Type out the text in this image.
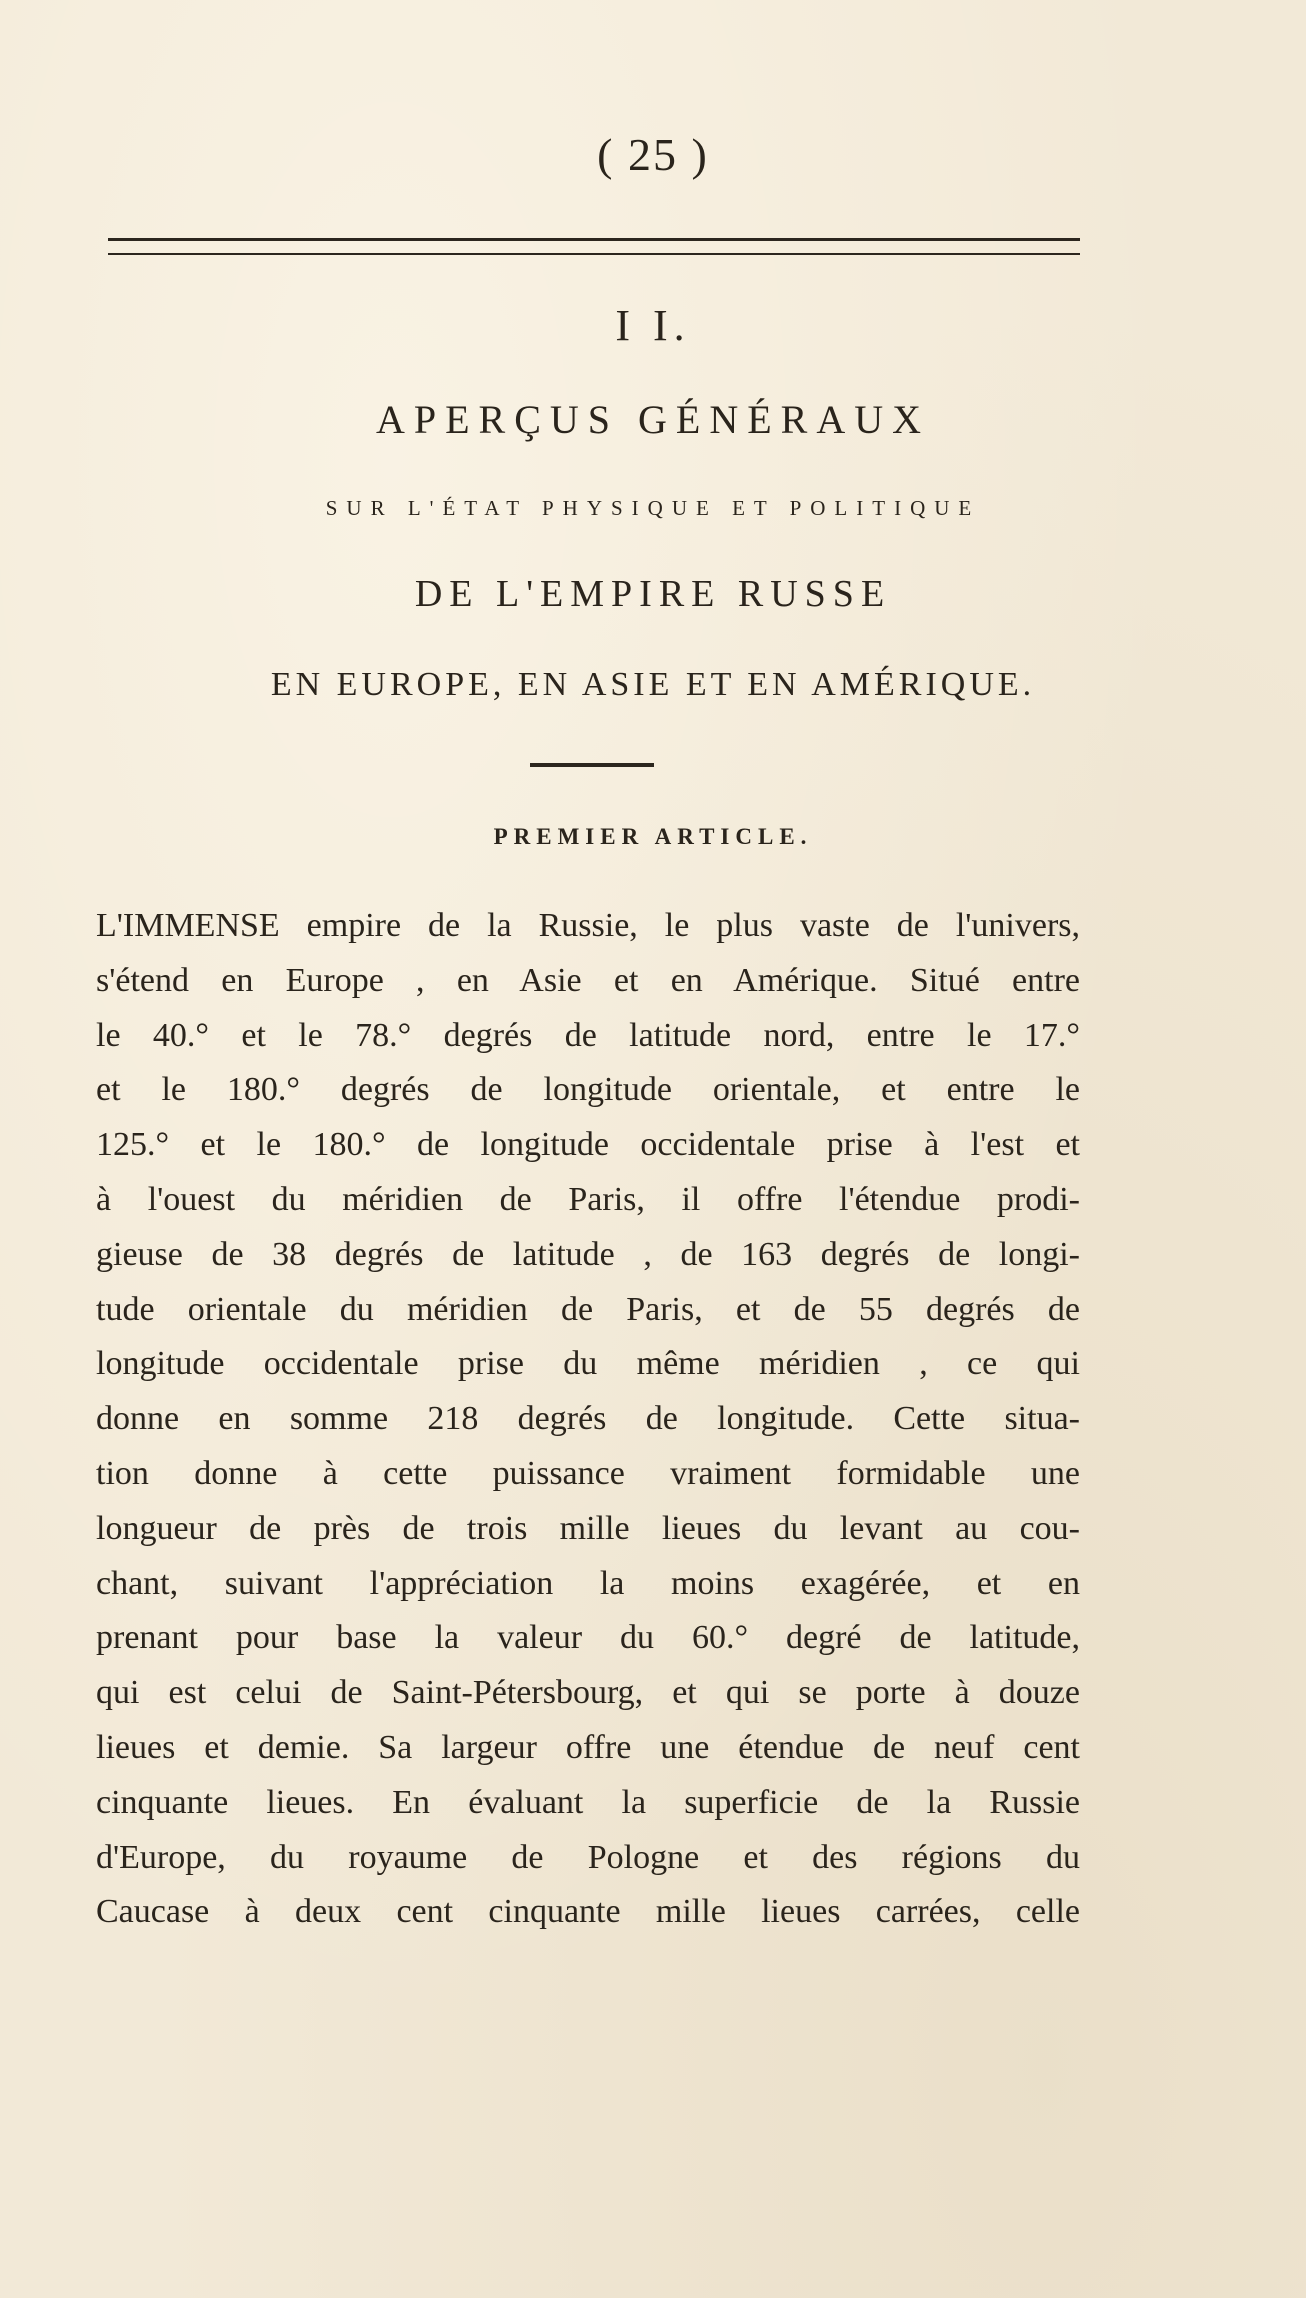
( 25 )
I I.
APERÇUS GÉNÉRAUX
SUR L'ÉTAT PHYSIQUE ET POLITIQUE
DE L'EMPIRE RUSSE
EN EUROPE, EN ASIE ET EN AMÉRIQUE.
PREMIER ARTICLE.
L'IMMENSE empire de la Russie, le plus vaste de l'univers,
s'étend en Europe , en Asie et en Amérique. Situé entre
le 40.° et le 78.° degrés de latitude nord, entre le 17.°
et le 180.° degrés de longitude orientale, et entre le
125.° et le 180.° de longitude occidentale prise à l'est et
à l'ouest du méridien de Paris, il offre l'étendue prodi-
gieuse de 38 degrés de latitude , de 163 degrés de longi-
tude orientale du méridien de Paris, et de 55 degrés de
longitude occidentale prise du même méridien , ce qui
donne en somme 218 degrés de longitude. Cette situa-
tion donne à cette puissance vraiment formidable une
longueur de près de trois mille lieues du levant au cou-
chant, suivant l'appréciation la moins exagérée, et en
prenant pour base la valeur du 60.° degré de latitude,
qui est celui de Saint-Pétersbourg, et qui se porte à douze
lieues et demie. Sa largeur offre une étendue de neuf cent
cinquante lieues. En évaluant la superficie de la Russie
d'Europe, du royaume de Pologne et des régions du
Caucase à deux cent cinquante mille lieues carrées, celle
